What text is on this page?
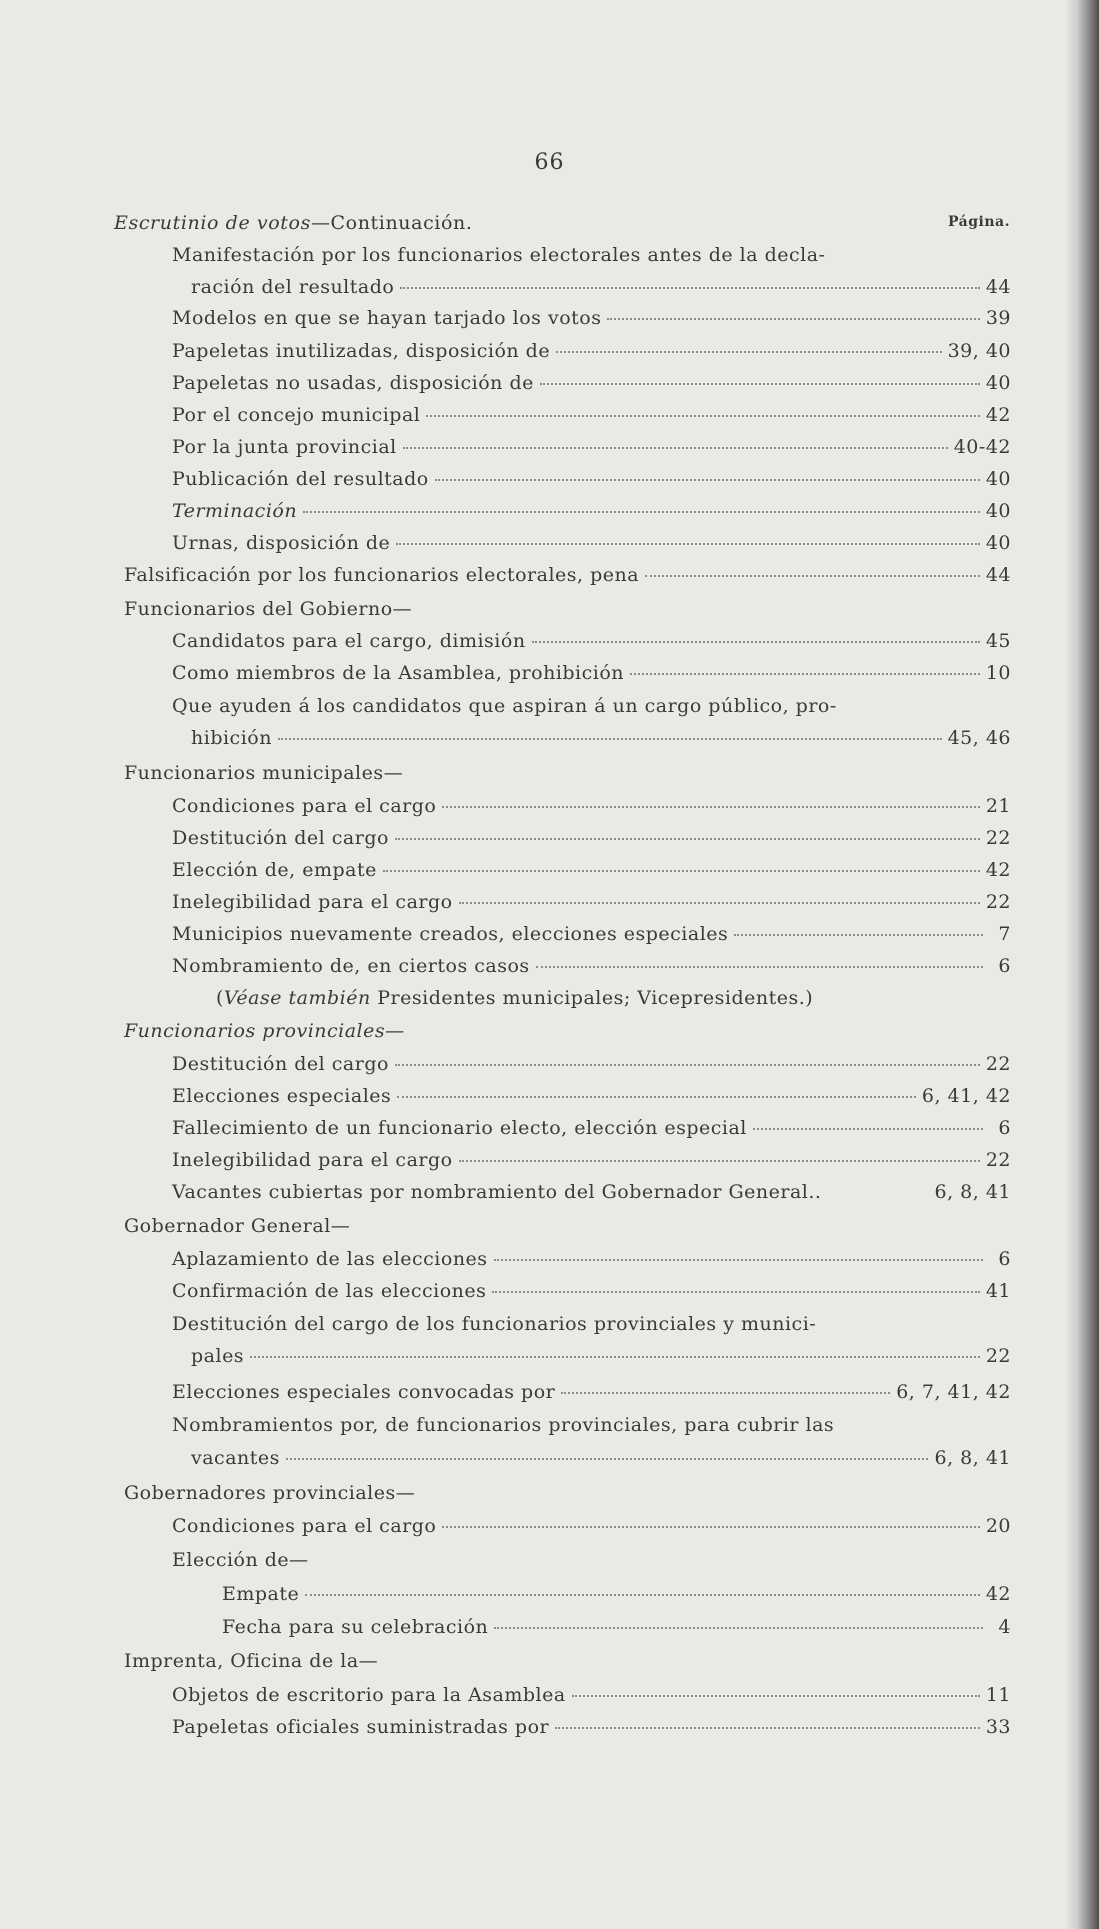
66
Escrutinio de votos—Continuación.	Página.
Manifestación por los funcionarios electorales antes de la decla-
ración del resultado	44
Modelos en que se hayan tarjado los votos	39
Papeletas inutilizadas, disposición de	39, 40
Papeletas no usadas, disposición de	40
Por el concejo municipal	42
Por la junta provincial	40-42
Publicación del resultado	40
Terminación	40
Urnas, disposición de	40
Falsificación por los funcionarios electorales, pena	44
Funcionarios del Gobierno—
Candidatos para el cargo, dimisión	45
Como miembros de la Asamblea, prohibición	10
Que ayuden á los candidatos que aspiran á un cargo público, pro-
hibición	45, 46
Funcionarios municipales—
Condiciones para el cargo	21
Destitución del cargo	22
Elección de, empate	42
Inelegibilidad para el cargo	22
Municipios nuevamente creados, elecciones especiales	7
Nombramiento de, en ciertos casos	6
(Véase también Presidentes municipales; Vicepresidentes.)
Funcionarios provinciales—
Destitución del cargo	22
Elecciones especiales	6, 41, 42
Fallecimiento de un funcionario electo, elección especial	6
Inelegibilidad para el cargo	22
Vacantes cubiertas por nombramiento del Gobernador General..	6, 8, 41
Gobernador General—
Aplazamiento de las elecciones	6
Confirmación de las elecciones	41
Destitución del cargo de los funcionarios provinciales y munici-
pales	22
Elecciones especiales convocadas por	6, 7, 41, 42
Nombramientos por, de funcionarios provinciales, para cubrir las
vacantes	6, 8, 41
Gobernadores provinciales—
Condiciones para el cargo	20
Elección de—
Empate	42
Fecha para su celebración	4
Imprenta, Oficina de la—
Objetos de escritorio para la Asamblea	11
Papeletas oficiales suministradas por	33
